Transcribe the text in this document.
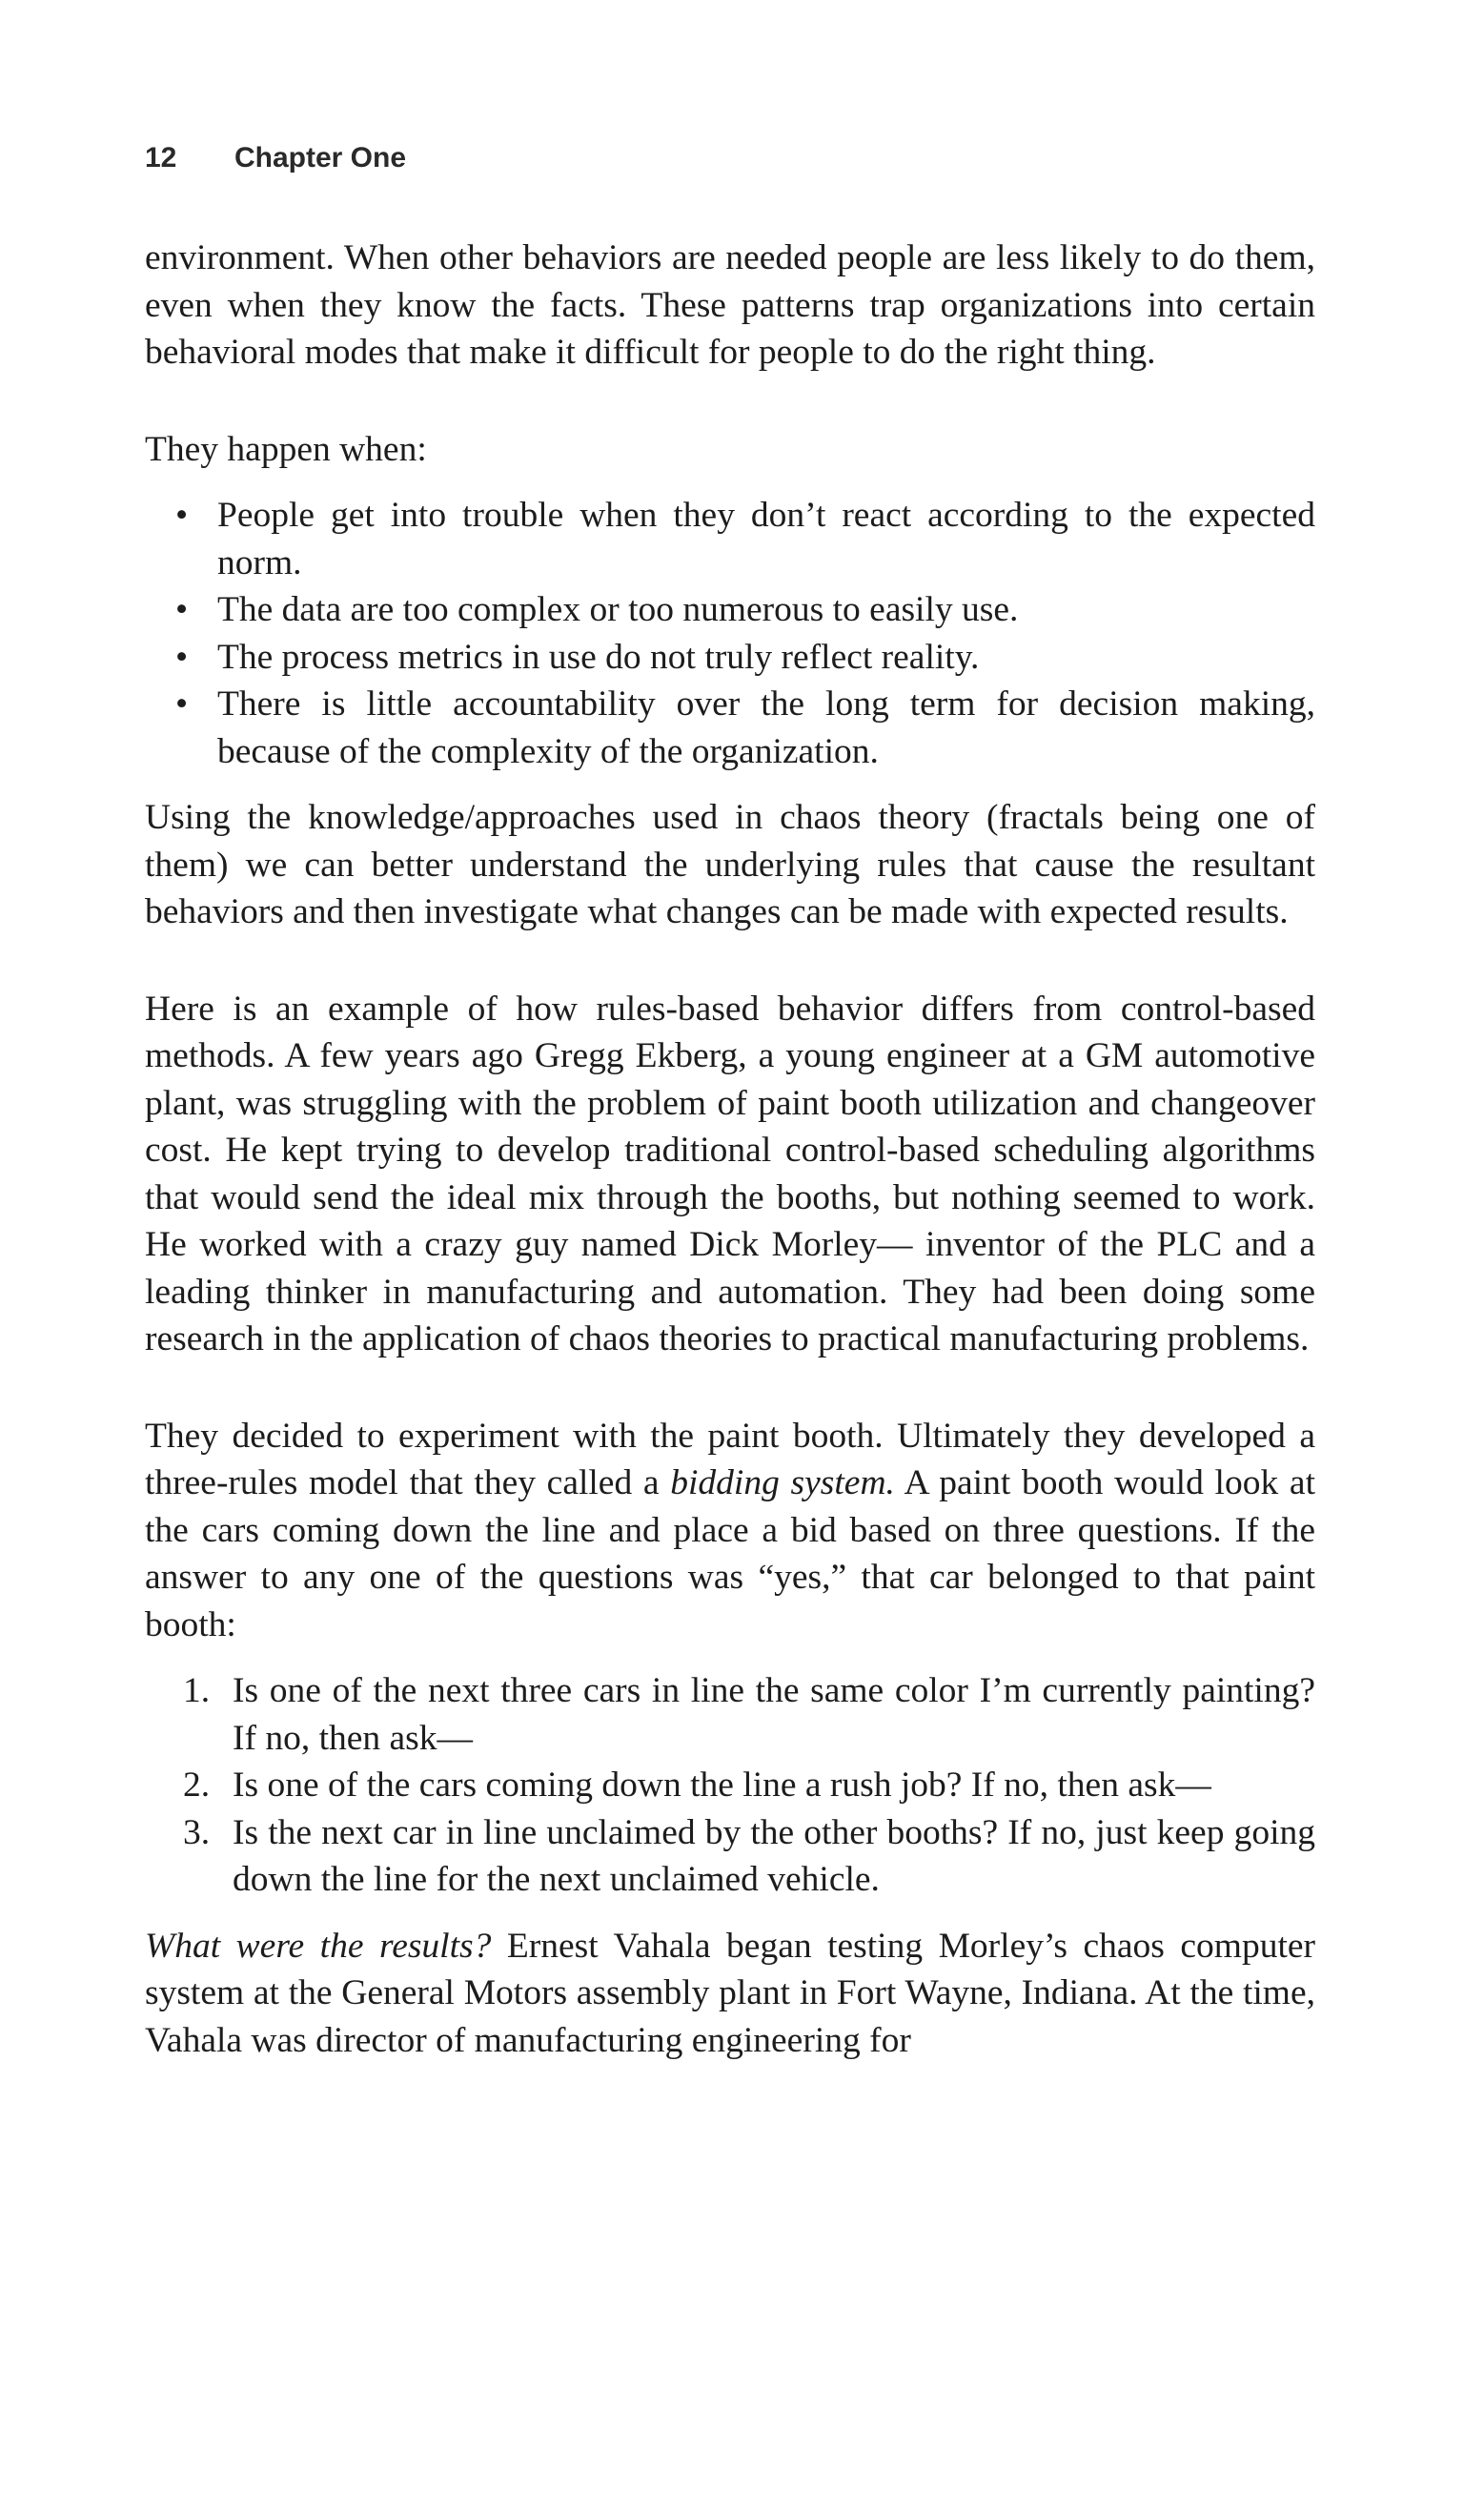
12 Chapter One

environment. When other behaviors are needed people are less likely to do them, even when they know the facts. These patterns trap organizations into certain behavioral modes that make it difficult for people to do the right thing.

They happen when:

• People get into trouble when they don’t react according to the expected norm.
• The data are too complex or too numerous to easily use.
• The process metrics in use do not truly reflect reality.
• There is little accountability over the long term for decision making, because of the complexity of the organization.

Using the knowledge/approaches used in chaos theory (fractals being one of them) we can better understand the underlying rules that cause the resultant behaviors and then investigate what changes can be made with expected results.

Here is an example of how rules-based behavior differs from control-based methods. A few years ago Gregg Ekberg, a young engineer at a GM automotive plant, was struggling with the problem of paint booth utilization and changeover cost. He kept trying to develop traditional control-based scheduling algorithms that would send the ideal mix through the booths, but nothing seemed to work. He worked with a crazy guy named Dick Morley— inventor of the PLC and a leading thinker in manufacturing and automation. They had been doing some research in the application of chaos theories to practical manufacturing problems.

They decided to experiment with the paint booth. Ultimately they developed a three-rules model that they called a bidding system. A paint booth would look at the cars coming down the line and place a bid based on three questions. If the answer to any one of the questions was “yes,” that car belonged to that paint booth:

1. Is one of the next three cars in line the same color I’m currently painting? If no, then ask—
2. Is one of the cars coming down the line a rush job? If no, then ask—
3. Is the next car in line unclaimed by the other booths? If no, just keep going down the line for the next unclaimed vehicle.

What were the results? Ernest Vahala began testing Morley’s chaos computer system at the General Motors assembly plant in Fort Wayne, Indiana. At the time, Vahala was director of manufacturing engineering for
